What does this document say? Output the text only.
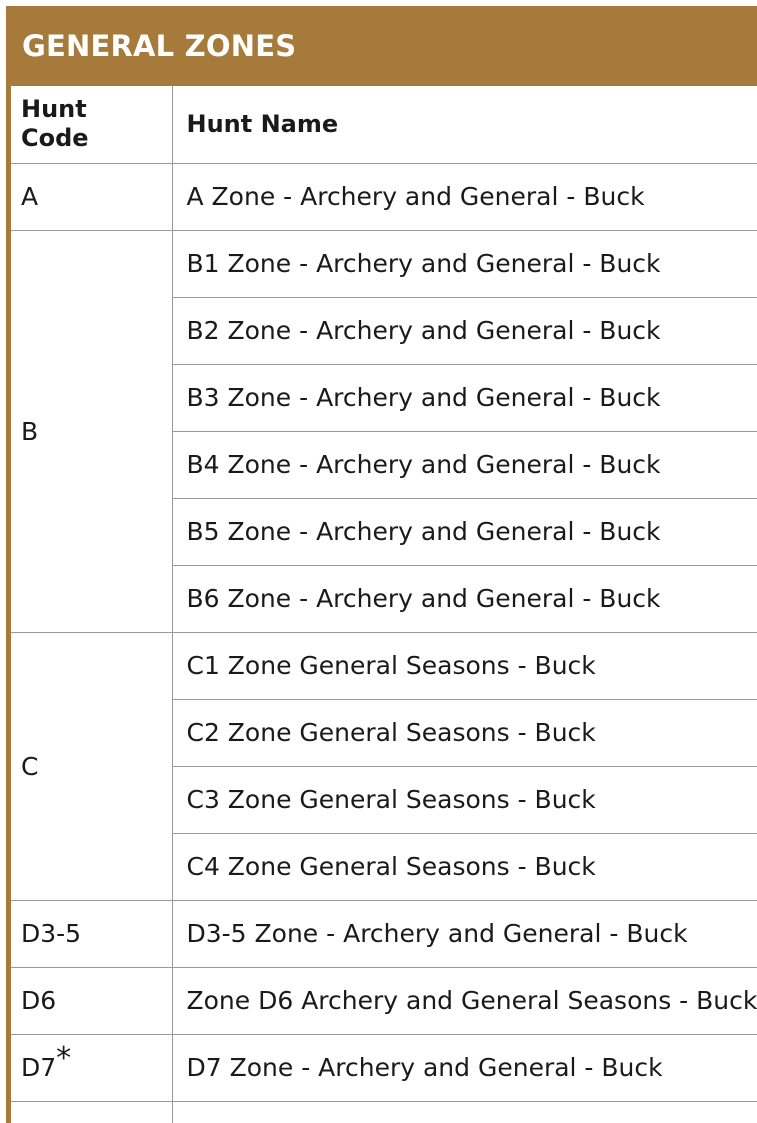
GENERAL ZONES
Hunt
Code	Hunt Name
A	A Zone - Archery and General - Buck
B	B1 Zone - Archery and General - Buck
	B2 Zone - Archery and General - Buck
	B3 Zone - Archery and General - Buck
	B4 Zone - Archery and General - Buck
	B5 Zone - Archery and General - Buck
	B6 Zone - Archery and General - Buck
C	C1 Zone General Seasons - Buck
	C2 Zone General Seasons - Buck
	C3 Zone General Seasons - Buck
	C4 Zone General Seasons - Buck
D3-5	D3-5 Zone - Archery and General - Buck
D6	Zone D6 Archery and General Seasons - Buck
D7*	D7 Zone - Archery and General - Buck
